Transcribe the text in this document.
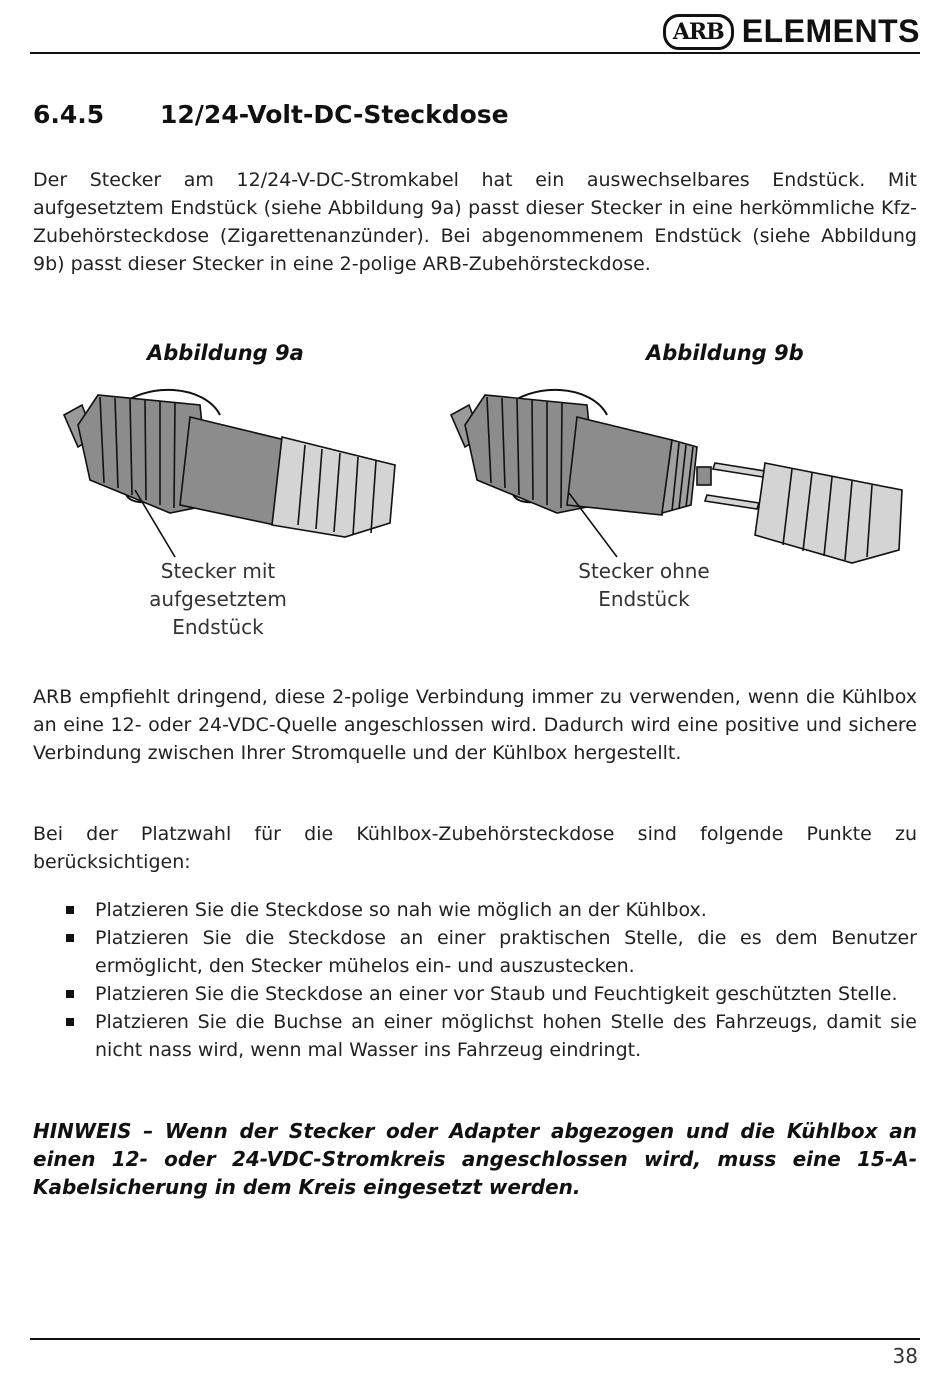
ARB ELEMENTS
6.4.5 12/24-Volt-DC-Steckdose

Der Stecker am 12/24-V-DC-Stromkabel hat ein auswechselbares Endstück. Mit aufgesetztem Endstück (siehe Abbildung 9a) passt dieser Stecker in eine herkömmliche Kfz-Zubehörsteckdose (Zigarettenanzünder). Bei abgenommenem Endstück (siehe Abbildung 9b) passt dieser Stecker in eine 2-polige ARB-Zubehörsteckdose.

Abbildung 9a	Abbildung 9b
Stecker mit
aufgesetztem
Endstück
Stecker ohne
Endstück

ARB empfiehlt dringend, diese 2-polige Verbindung immer zu verwenden, wenn die Kühlbox an eine 12- oder 24-VDC-Quelle angeschlossen wird. Dadurch wird eine positive und sichere Verbindung zwischen Ihrer Stromquelle und der Kühlbox hergestellt.

Bei der Platzwahl für die Kühlbox-Zubehörsteckdose sind folgende Punkte zu berücksichtigen:

Platzieren Sie die Steckdose so nah wie möglich an der Kühlbox.
Platzieren Sie die Steckdose an einer praktischen Stelle, die es dem Benutzer ermöglicht, den Stecker mühelos ein- und auszustecken.
Platzieren Sie die Steckdose an einer vor Staub und Feuchtigkeit geschützten Stelle.
Platzieren Sie die Buchse an einer möglichst hohen Stelle des Fahrzeugs, damit sie nicht nass wird, wenn mal Wasser ins Fahrzeug eindringt.

HINWEIS – Wenn der Stecker oder Adapter abgezogen und die Kühlbox an einen 12- oder 24-VDC-Stromkreis angeschlossen wird, muss eine 15-A-Kabelsicherung in dem Kreis eingesetzt werden.

38
